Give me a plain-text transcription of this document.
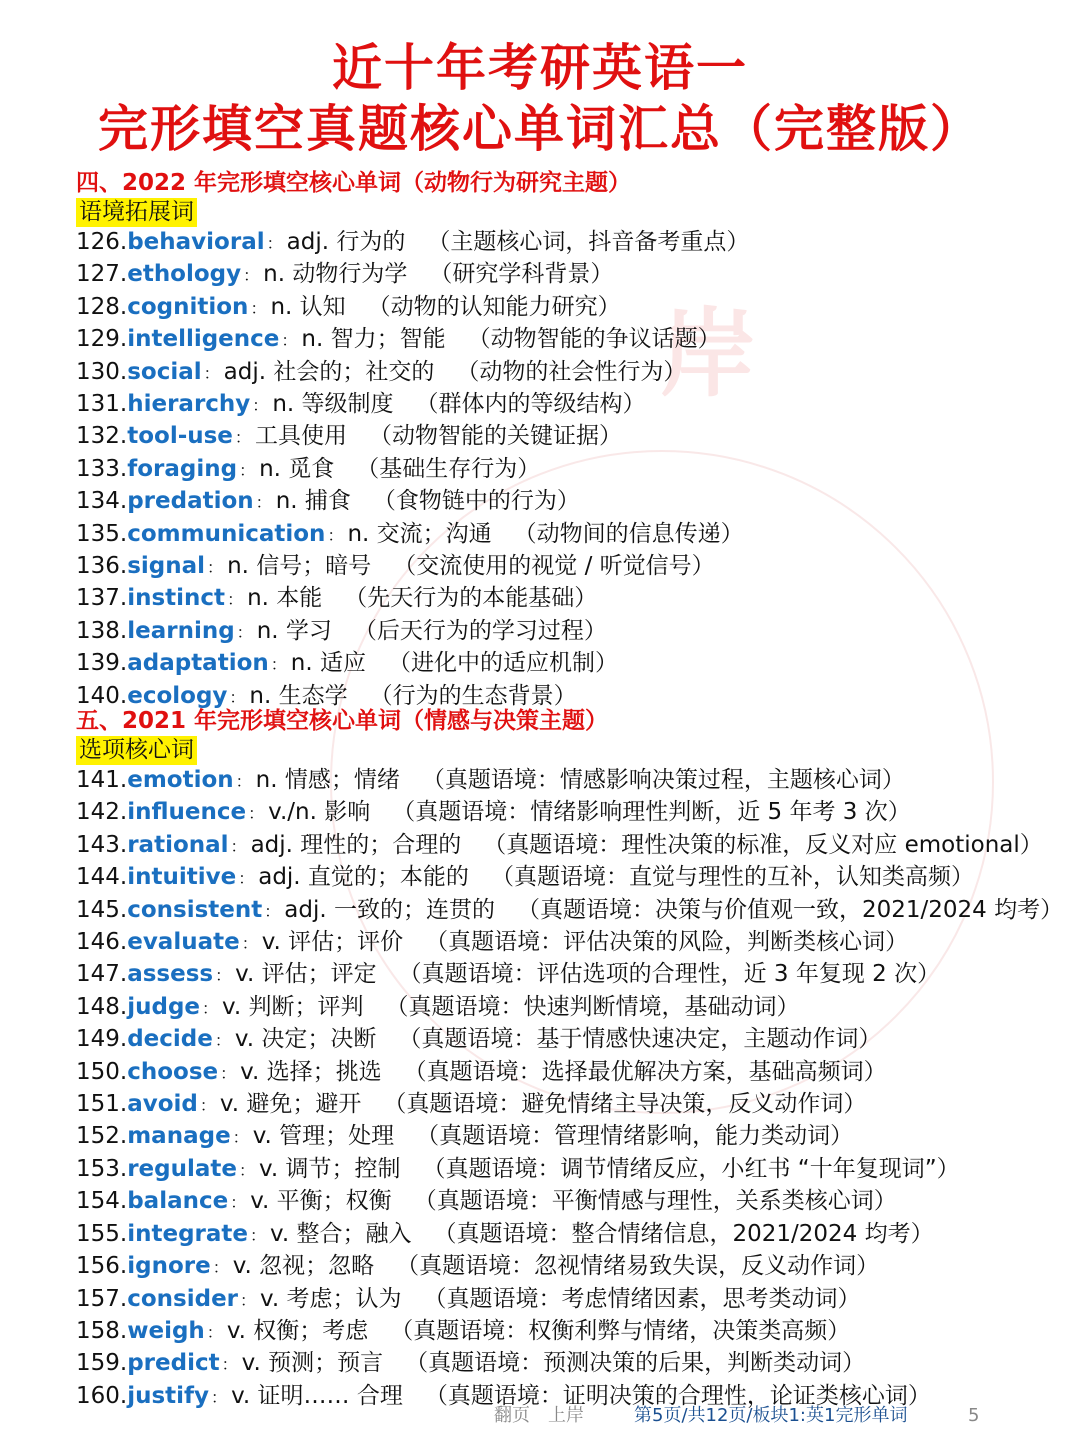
岸
近十年考研英语一
完形填空真题核心单词汇总（完整版）

四、2022 年完形填空核心单词（动物行为研究主题）

语境拓展词
126.behavioral ： adj. 行为的 （主题核心词，抖音备考重点）
127.ethology ： n. 动物行为学 （研究学科背景）
128.cognition ： n. 认知 （动物的认知能力研究）
129.intelligence ： n. 智力；智能 （动物智能的争议话题）
130.social ： adj. 社会的；社交的 （动物的社会性行为）
131.hierarchy ： n. 等级制度 （群体内的等级结构）
132.tool-use ： 工具使用 （动物智能的关键证据）
133.foraging ： n. 觅食 （基础生存行为）
134.predation ： n. 捕食 （食物链中的行为）
135.communication ： n. 交流；沟通 （动物间的信息传递）
136.signal ： n. 信号；暗号 （交流使用的视觉 / 听觉信号）
137.instinct ： n. 本能 （先天行为的本能基础）
138.learning ： n. 学习 （后天行为的学习过程）
139.adaptation ： n. 适应 （进化中的适应机制）
140.ecology ： n. 生态学 （行为的生态背景）

五、2021 年完形填空核心单词（情感与决策主题）

选项核心词
141.emotion ： n. 情感；情绪 （真题语境：情感影响决策过程，主题核心词）
142.influence ： v./n. 影响 （真题语境：情绪影响理性判断，近 5 年考 3 次）
143.rational ： adj. 理性的；合理的 （真题语境：理性决策的标准，反义对应 emotional）
144.intuitive ： adj. 直觉的；本能的 （真题语境：直觉与理性的互补，认知类高频）
145.consistent ： adj. 一致的；连贯的 （真题语境：决策与价值观一致，2021/2024 均考）
146.evaluate ： v. 评估；评价 （真题语境：评估决策的风险，判断类核心词）
147.assess ： v. 评估；评定 （真题语境：评估选项的合理性，近 3 年复现 2 次）
148.judge ： v. 判断；评判 （真题语境：快速判断情境，基础动词）
149.decide ： v. 决定；决断 （真题语境：基于情感快速决定，主题动作词）
150.choose ： v. 选择；挑选 （真题语境：选择最优解决方案，基础高频词）
151.avoid ： v. 避免；避开 （真题语境：避免情绪主导决策，反义动作词）
152.manage ： v. 管理；处理 （真题语境：管理情绪影响，能力类动词）
153.regulate ： v. 调节；控制 （真题语境：调节情绪反应，小红书 “十年复现词”）
154.balance ： v. 平衡；权衡 （真题语境：平衡情感与理性，关系类核心词）
155.integrate ： v. 整合；融入 （真题语境：整合情绪信息，2021/2024 均考）
156.ignore ： v. 忽视；忽略 （真题语境：忽视情绪易致失误，反义动作词）
157.consider ： v. 考虑；认为 （真题语境：考虑情绪因素，思考类动词）
158.weigh ： v. 权衡；考虑 （真题语境：权衡利弊与情绪，决策类高频）
159.predict ： v. 预测；预言 （真题语境：预测决策的后果，判断类动词）
160.justify ： v. 证明…… 合理 （真题语境：证明决策的合理性，论证类核心词）
翻页　上岸	第5页/共12页/板块1:英1完形单词	5
